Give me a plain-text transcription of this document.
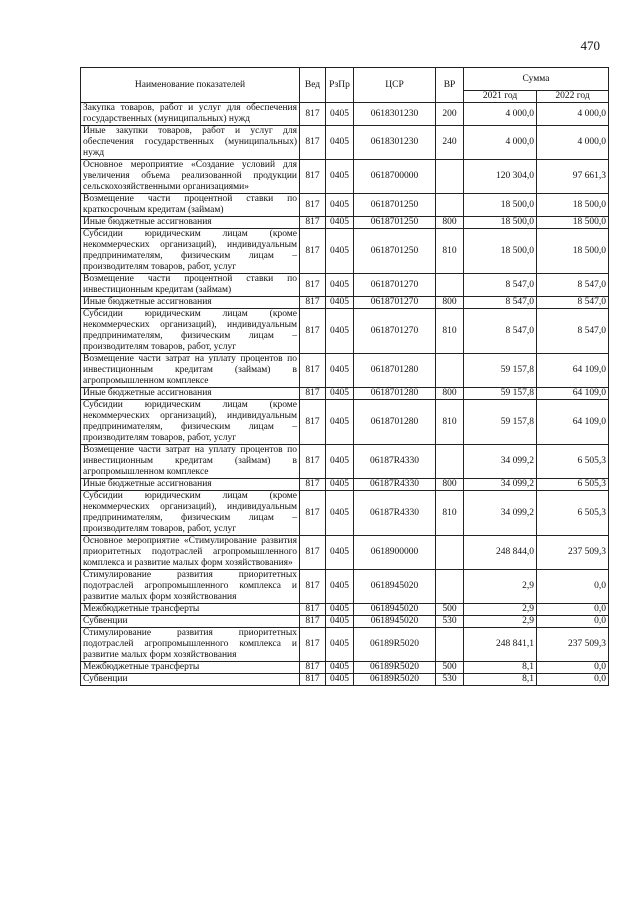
470
Наименование показателей	Вед	РзПр	ЦСР	ВР	Сумма	
					2021 год	2022 год
Закупка товаров, работ и услуг для обеспечения государственных (муниципальных) нужд	817	0405	0618301230	200	4 000,0	4 000,0
Иные закупки товаров, работ и услуг для обеспечения государственных (муниципальных) нужд	817	0405	0618301230	240	4 000,0	4 000,0
Основное мероприятие «Создание условий для увеличения объема реализованной продукции сельскохозяйственными организациями»	817	0405	0618700000		120 304,0	97 661,3
Возмещение части процентной ставки по краткосрочным кредитам (займам)	817	0405	0618701250		18 500,0	18 500,0
Иные бюджетные ассигнования	817	0405	0618701250	800	18 500,0	18 500,0
Субсидии юридическим лицам (кроме некоммерческих организаций), индивидуальным предпринимателям, физическим лицам – производителям товаров, работ, услуг	817	0405	0618701250	810	18 500,0	18 500,0
Возмещение части процентной ставки по инвестиционным кредитам (займам)	817	0405	0618701270		8 547,0	8 547,0
Иные бюджетные ассигнования	817	0405	0618701270	800	8 547,0	8 547,0
Субсидии юридическим лицам (кроме некоммерческих организаций), индивидуальным предпринимателям, физическим лицам – производителям товаров, работ, услуг	817	0405	0618701270	810	8 547,0	8 547,0
Возмещение части затрат на уплату процентов по инвестиционным кредитам (займам) в агропромышленном комплексе	817	0405	0618701280		59 157,8	64 109,0
Иные бюджетные ассигнования	817	0405	0618701280	800	59 157,8	64 109,0
Субсидии юридическим лицам (кроме некоммерческих организаций), индивидуальным предпринимателям, физическим лицам – производителям товаров, работ, услуг	817	0405	0618701280	810	59 157,8	64 109,0
Возмещение части затрат на уплату процентов по инвестиционным кредитам (займам) в агропромышленном комплексе	817	0405	06187R4330		34 099,2	6 505,3
Иные бюджетные ассигнования	817	0405	06187R4330	800	34 099,2	6 505,3
Субсидии юридическим лицам (кроме некоммерческих организаций), индивидуальным предпринимателям, физическим лицам – производителям товаров, работ, услуг	817	0405	06187R4330	810	34 099,2	6 505,3
Основное мероприятие «Стимулирование развития приоритетных подотраслей агропромышленного комплекса и развитие малых форм хозяйствования»	817	0405	0618900000		248 844,0	237 509,3
Стимулирование развития приоритетных подотраслей агропромышленного комплекса и развитие малых форм хозяйствования	817	0405	0618945020		2,9	0,0
Межбюджетные трансферты	817	0405	0618945020	500	2,9	0,0
Субвенции	817	0405	0618945020	530	2,9	0,0
Стимулирование развития приоритетных подотраслей агропромышленного комплекса и развитие малых форм хозяйствования	817	0405	06189R5020		248 841,1	237 509,3
Межбюджетные трансферты	817	0405	06189R5020	500	8,1	0,0
Субвенции	817	0405	06189R5020	530	8,1	0,0
